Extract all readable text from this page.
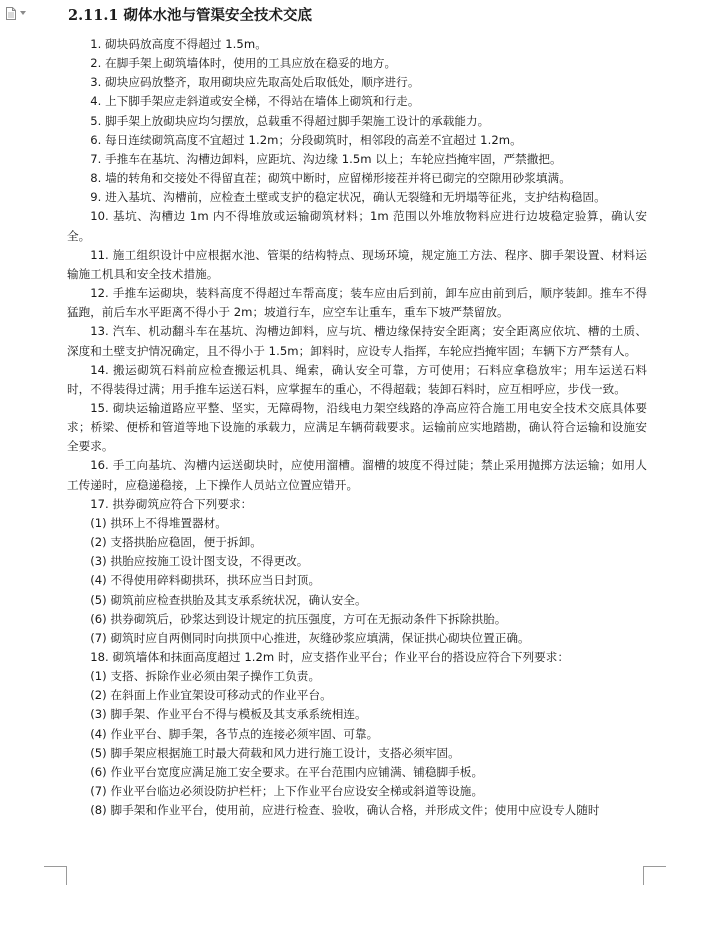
2.11.1 砌体水池与管渠安全技术交底

1. 砌块码放高度不得超过 1.5m。

2. 在脚手架上砌筑墙体时，使用的工具应放在稳妥的地方。

3. 砌块应码放整齐，取用砌块应先取高处后取低处，顺序进行。

4. 上下脚手架应走斜道或安全梯，不得站在墙体上砌筑和行走。

5. 脚手架上放砌块应均匀摆放，总载重不得超过脚手架施工设计的承载能力。

6. 每日连续砌筑高度不宜超过 1.2m；分段砌筑时，相邻段的高差不宜超过 1.2m。

7. 手推车在基坑、沟槽边卸料，应距坑、沟边缘 1.5m 以上；车轮应挡掩牢固，严禁撒把。

8. 墙的转角和交接处不得留直茬；砌筑中断时，应留梯形接茬并将已砌完的空隙用砂浆填满。

9. 进入基坑、沟槽前，应检查土壁或支护的稳定状况，确认无裂缝和无坍塌等征兆，支护结构稳固。

10. 基坑、沟槽边 1m 内不得堆放或运输砌筑材料；1m 范围以外堆放物料应进行边坡稳定验算，确认安全。

11. 施工组织设计中应根据水池、管渠的结构特点、现场环境，规定施工方法、程序、脚手架设置、材料运输施工机具和安全技术措施。

12. 手推车运砌块，装料高度不得超过车帮高度；装车应由后到前，卸车应由前到后，顺序装卸。推车不得猛跑，前后车水平距离不得小于 2m；坡道行车，应空车让重车，重车下坡严禁留放。

13. 汽车、机动翻斗车在基坑、沟槽边卸料，应与坑、槽边缘保持安全距离；安全距离应依坑、槽的土质、深度和土壁支护情况确定，且不得小于 1.5m；卸料时，应设专人指挥，车轮应挡掩牢固；车辆下方严禁有人。

14. 搬运砌筑石料前应检查搬运机具、绳索，确认安全可靠，方可使用；石料应拿稳放牢；用车运送石料时，不得装得过满；用手推车运送石料，应掌握车的重心，不得超载；装卸石料时，应互相呼应，步伐一致。

15. 砌块运输道路应平整、坚实，无障碍物，沿线电力架空线路的净高应符合施工用电安全技术交底具体要求；桥梁、便桥和管道等地下设施的承载力，应满足车辆荷载要求。运输前应实地踏勘，确认符合运输和设施安全要求。

16. 手工向基坑、沟槽内运送砌块时，应使用溜槽。溜槽的坡度不得过陡；禁止采用抛掷方法运输；如用人工传递时，应稳递稳接，上下操作人员站立位置应错开。

17. 拱券砌筑应符合下列要求：

(1) 拱环上不得堆置器材。

(2) 支搭拱胎应稳固，便于拆卸。

(3) 拱胎应按施工设计图支设，不得更改。

(4) 不得使用碎料砌拱环，拱环应当日封顶。

(5) 砌筑前应检查拱胎及其支承系统状况，确认安全。

(6) 拱券砌筑后，砂浆达到设计规定的抗压强度，方可在无振动条件下拆除拱胎。

(7) 砌筑时应自两侧同时向拱顶中心推进，灰缝砂浆应填满，保证拱心砌块位置正确。

18. 砌筑墙体和抹面高度超过 1.2m 时，应支搭作业平台；作业平台的搭设应符合下列要求：

(1) 支搭、拆除作业必须由架子操作工负责。

(2) 在斜面上作业宜架设可移动式的作业平台。

(3) 脚手架、作业平台不得与模板及其支承系统相连。

(4) 作业平台、脚手架，各节点的连接必须牢固、可靠。

(5) 脚手架应根据施工时最大荷载和风力进行施工设计，支搭必须牢固。

(6) 作业平台宽度应满足施工安全要求。在平台范围内应铺满、铺稳脚手板。

(7) 作业平台临边必须设防护栏杆；上下作业平台应设安全梯或斜道等设施。

(8) 脚手架和作业平台，使用前，应进行检查、验收，确认合格，并形成文件；使用中应设专人随时
